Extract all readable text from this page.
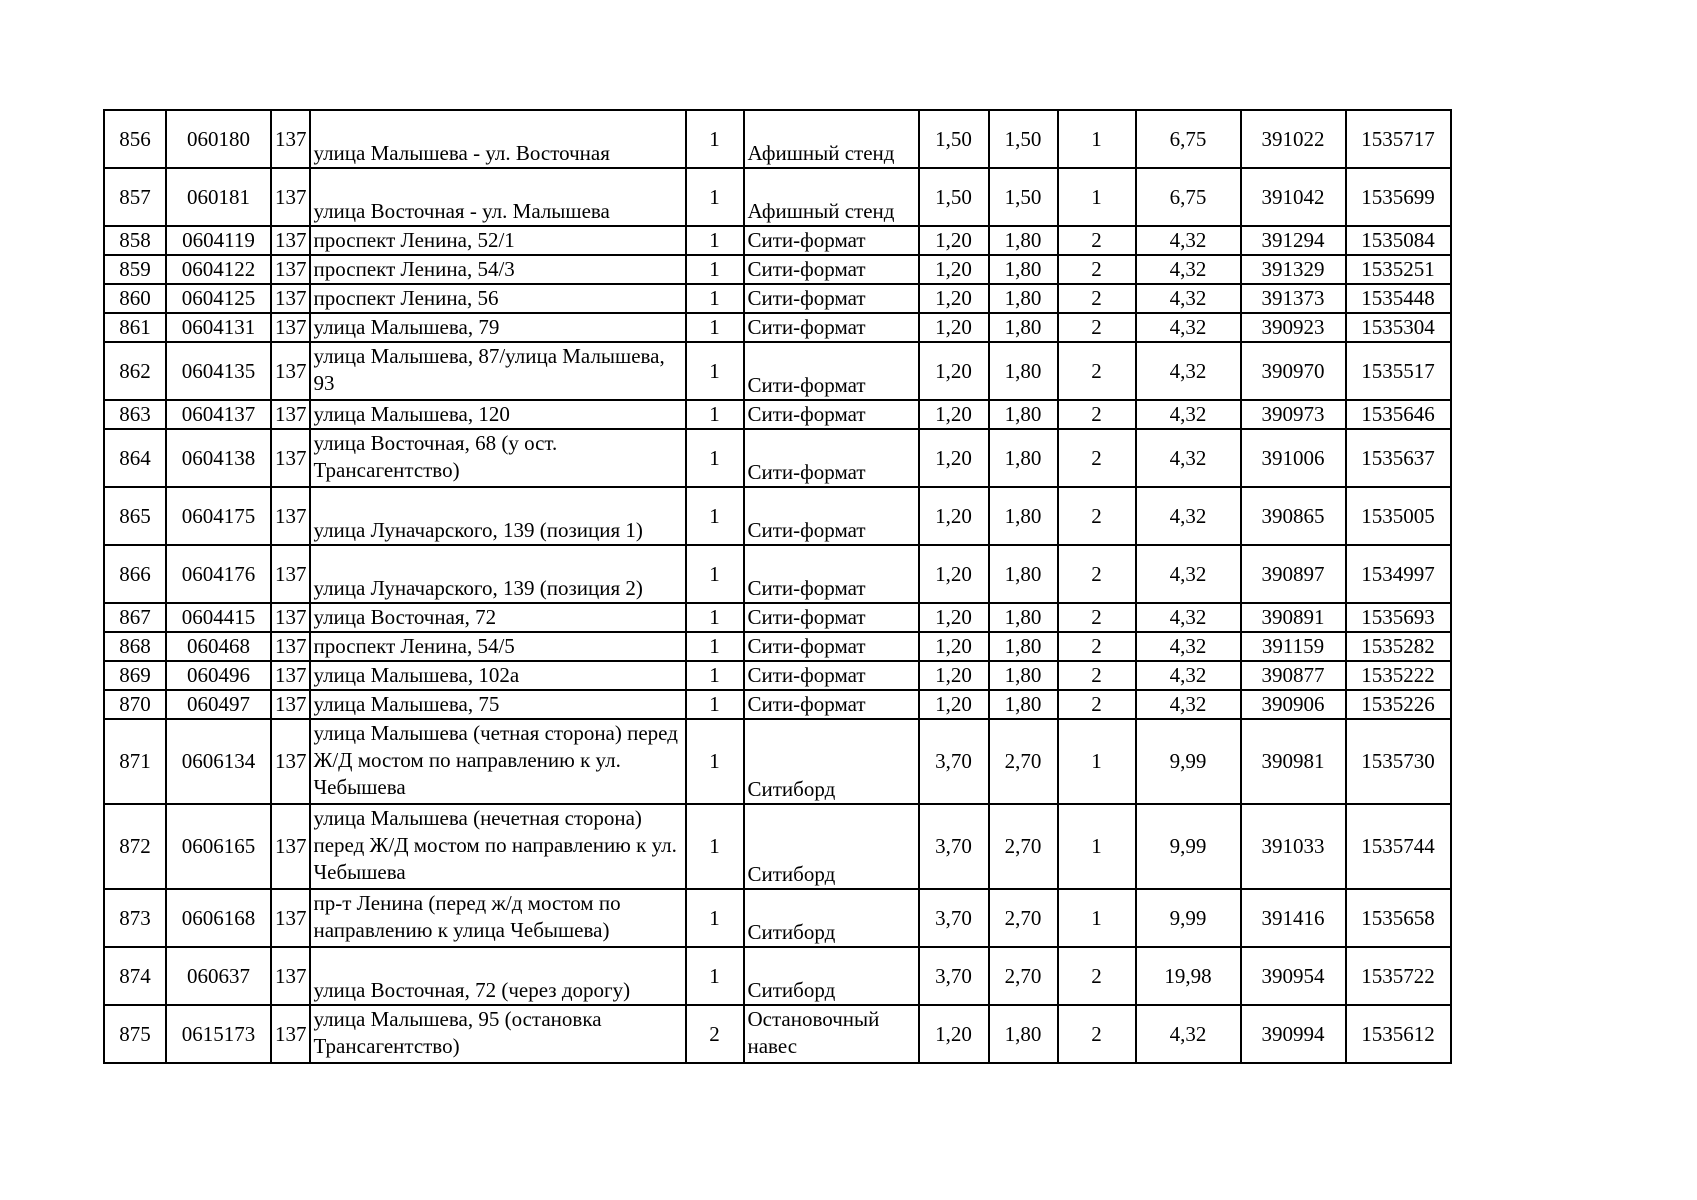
856	060180	137	улица Малышева - ул. Восточная	1	Афишный стенд	1,50	1,50	1	6,75	391022	1535717
857	060181	137	улица Восточная - ул. Малышева	1	Афишный стенд	1,50	1,50	1	6,75	391042	1535699
858	0604119	137	проспект Ленина, 52/1	1	Сити-формат	1,20	1,80	2	4,32	391294	1535084
859	0604122	137	проспект Ленина, 54/3	1	Сити-формат	1,20	1,80	2	4,32	391329	1535251
860	0604125	137	проспект Ленина, 56	1	Сити-формат	1,20	1,80	2	4,32	391373	1535448
861	0604131	137	улица Малышева, 79	1	Сити-формат	1,20	1,80	2	4,32	390923	1535304
862	0604135	137	улица Малышева, 87/улица Малышева, 93	1	Сити-формат	1,20	1,80	2	4,32	390970	1535517
863	0604137	137	улица Малышева, 120	1	Сити-формат	1,20	1,80	2	4,32	390973	1535646
864	0604138	137	улица Восточная, 68 (у ост. Трансагентство)	1	Сити-формат	1,20	1,80	2	4,32	391006	1535637
865	0604175	137	улица Луначарского, 139 (позиция 1)	1	Сити-формат	1,20	1,80	2	4,32	390865	1535005
866	0604176	137	улица Луначарского, 139 (позиция 2)	1	Сити-формат	1,20	1,80	2	4,32	390897	1534997
867	0604415	137	улица Восточная, 72	1	Сити-формат	1,20	1,80	2	4,32	390891	1535693
868	060468	137	проспект Ленина, 54/5	1	Сити-формат	1,20	1,80	2	4,32	391159	1535282
869	060496	137	улица Малышева, 102а	1	Сити-формат	1,20	1,80	2	4,32	390877	1535222
870	060497	137	улица Малышева, 75	1	Сити-формат	1,20	1,80	2	4,32	390906	1535226
871	0606134	137	улица Малышева (четная сторона) перед Ж/Д мостом по направлению к ул. Чебышева	1	Ситиборд	3,70	2,70	1	9,99	390981	1535730
872	0606165	137	улица Малышева (нечетная сторона) перед Ж/Д мостом по направлению к ул. Чебышева	1	Ситиборд	3,70	2,70	1	9,99	391033	1535744
873	0606168	137	пр-т Ленина (перед ж/д мостом по направлению к улица Чебышева)	1	Ситиборд	3,70	2,70	1	9,99	391416	1535658
874	060637	137	улица Восточная, 72 (через дорогу)	1	Ситиборд	3,70	2,70	2	19,98	390954	1535722
875	0615173	137	улица Малышева, 95 (остановка Трансагентство)	2	Остановочный навес	1,20	1,80	2	4,32	390994	1535612
